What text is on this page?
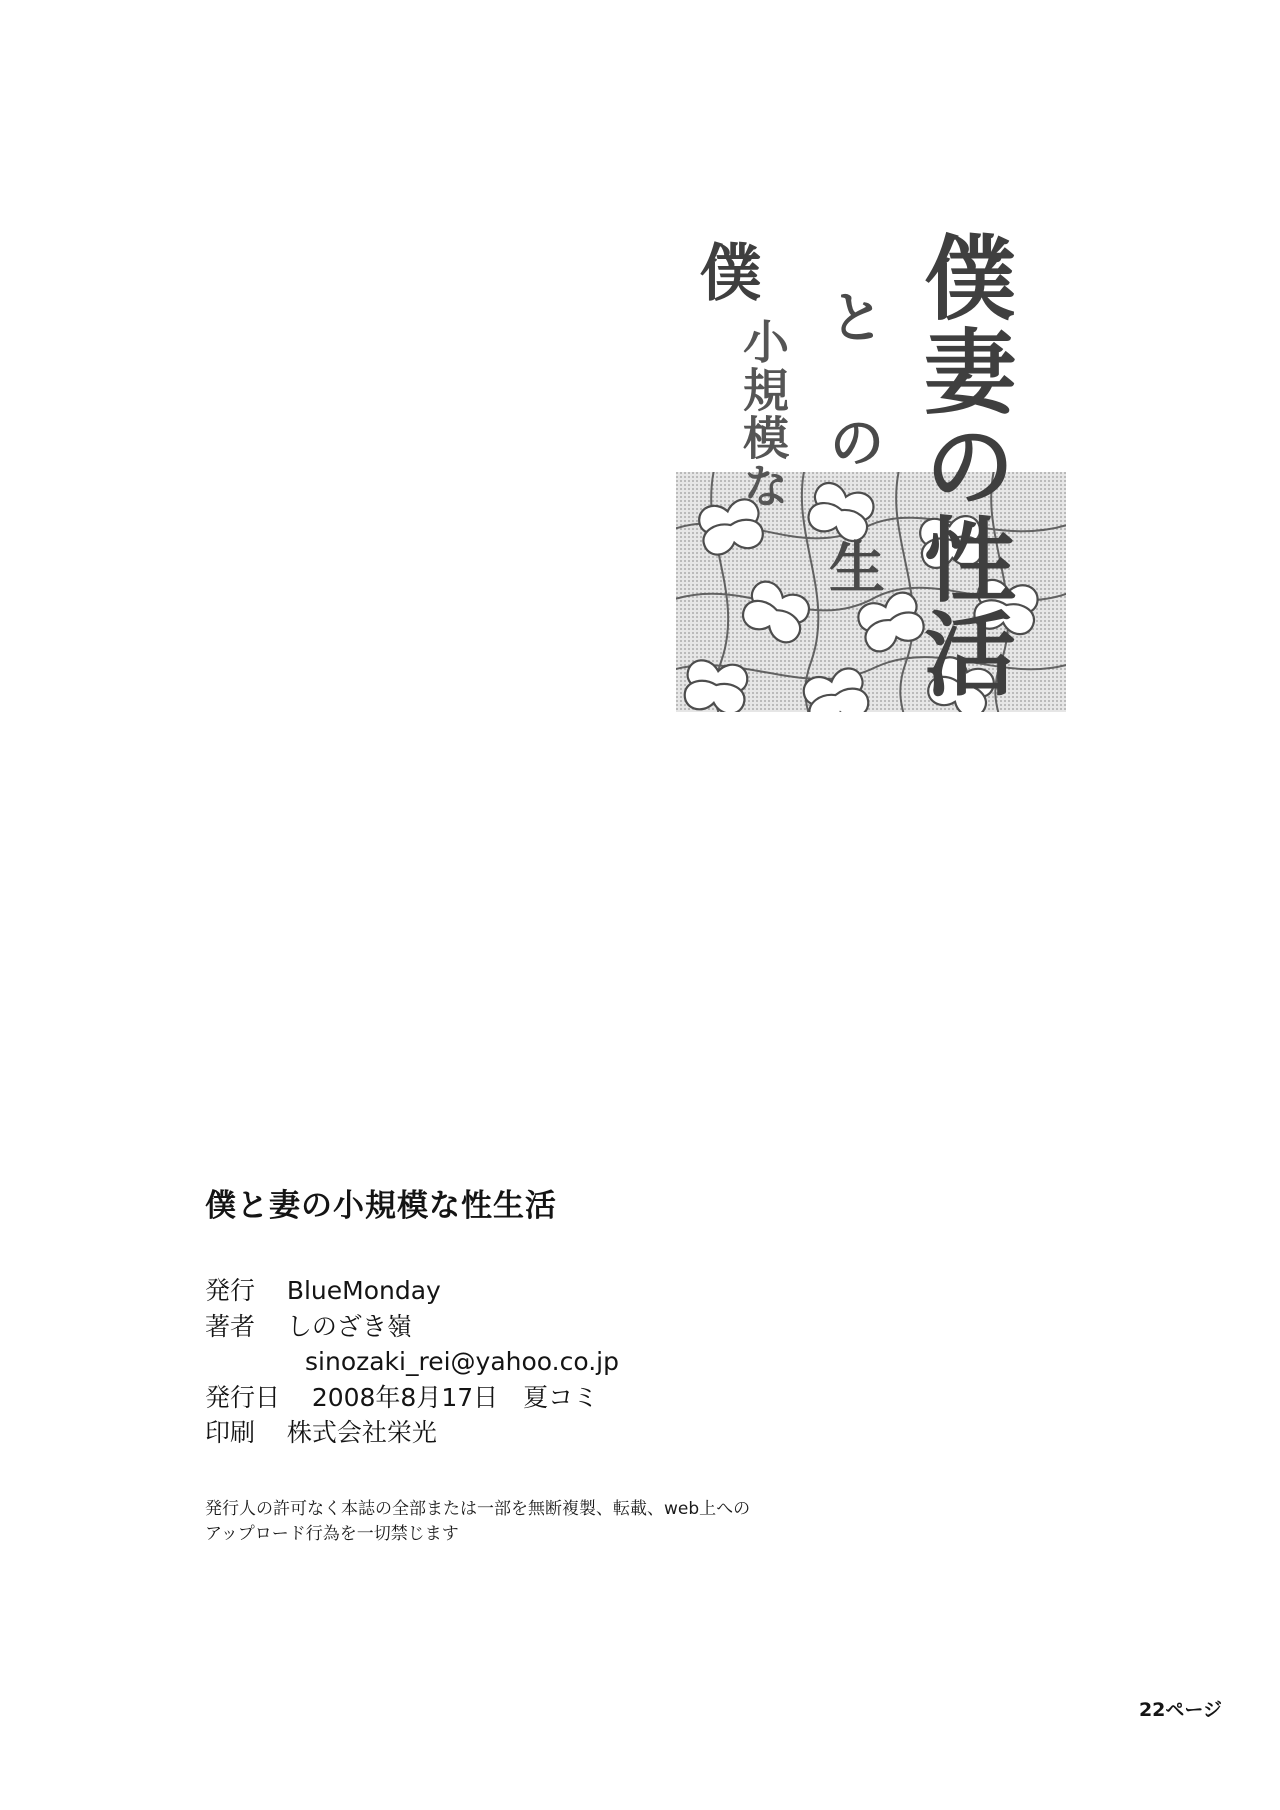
僕妻の性活
と の 生
小規模な
僕
僕と妻の小規模な性生活
発行 BlueMonday
著者 しのざき嶺
sinozaki_rei@yahoo.co.jp
発行日 2008年8月17日　夏コミ
印刷 株式会社栄光
発行人の許可なく本誌の全部または一部を無断複製、転載、web上への
アップロード行為を一切禁じます
22ページ
